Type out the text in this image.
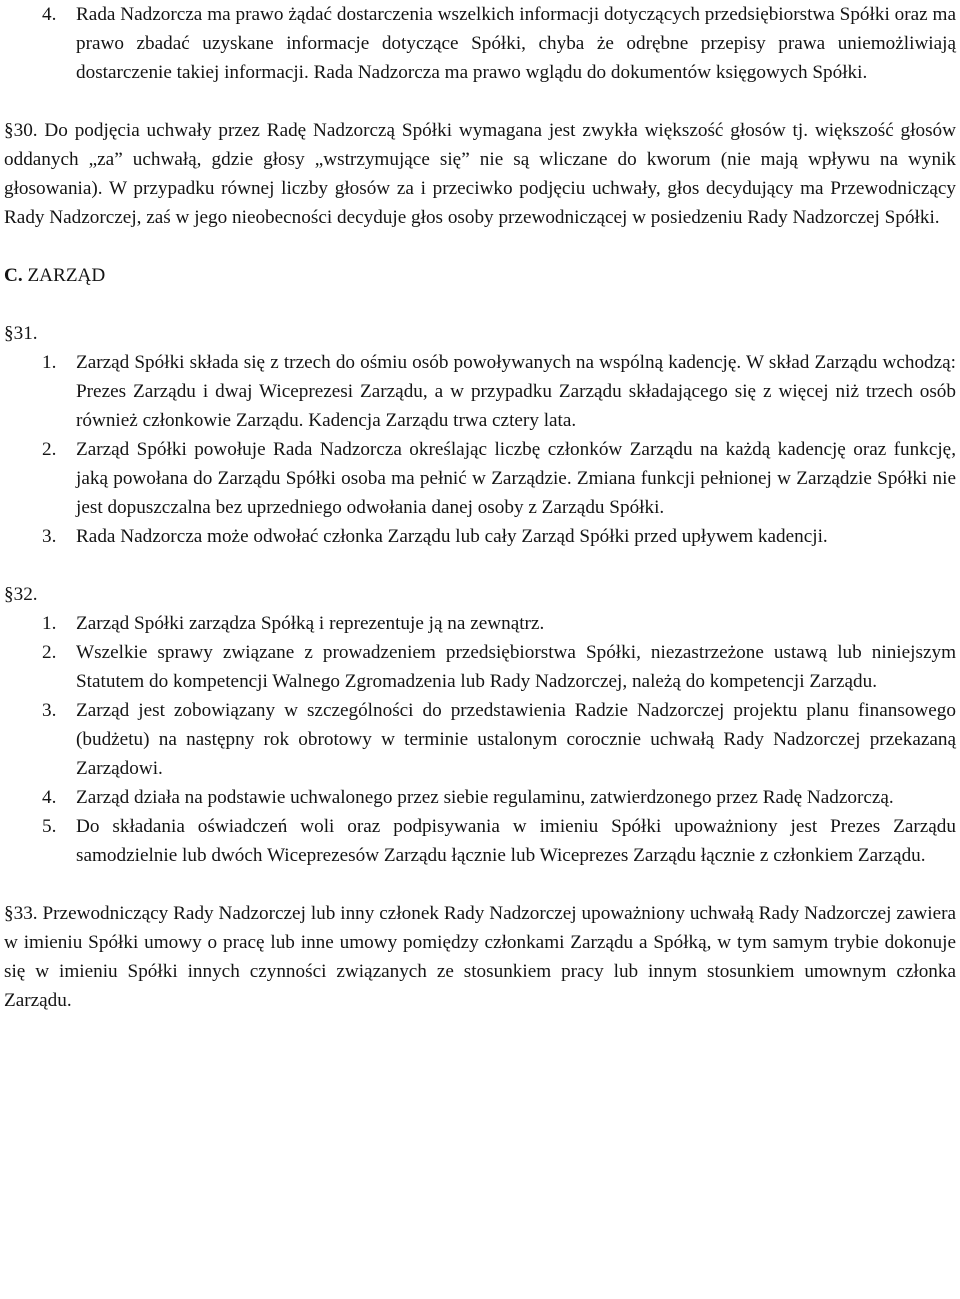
4.	Rada Nadzorcza ma prawo żądać dostarczenia wszelkich informacji dotyczących przedsiębiorstwa Spółki oraz ma prawo zbadać uzyskane informacje dotyczące Spółki, chyba że odrębne przepisy prawa uniemożliwiają dostarczenie takiej informacji. Rada Nadzorcza ma prawo wglądu do dokumentów księgowych Spółki.

§30. Do podjęcia uchwały przez Radę Nadzorczą Spółki wymagana jest zwykła większość głosów tj. większość głosów oddanych „za” uchwałą, gdzie głosy „wstrzymujące się” nie są wliczane do kworum (nie mają wpływu na wynik głosowania). W przypadku równej liczby głosów za i przeciwko podjęciu uchwały, głos decydujący ma Przewodniczący Rady Nadzorczej, zaś w jego nieobecności decyduje głos osoby przewodniczącej w posiedzeniu Rady Nadzorczej Spółki.

C. ZARZĄD

§31.

1.	Zarząd Spółki składa się z trzech do ośmiu osób powoływanych na wspólną kadencję. W skład Zarządu wchodzą: Prezes Zarządu i dwaj Wiceprezesi Zarządu, a w przypadku Zarządu składającego się z więcej niż trzech osób również członkowie Zarządu. Kadencja Zarządu trwa cztery lata.
2.	Zarząd Spółki powołuje Rada Nadzorcza określając liczbę członków Zarządu na każdą kadencję oraz funkcję, jaką powołana do Zarządu Spółki osoba ma pełnić w Zarządzie. Zmiana funkcji pełnionej w Zarządzie Spółki nie jest dopuszczalna bez uprzedniego odwołania danej osoby z Zarządu Spółki.
3.	Rada Nadzorcza może odwołać członka Zarządu lub cały Zarząd Spółki przed upływem kadencji.

§32.

1.	Zarząd Spółki zarządza Spółką i reprezentuje ją na zewnątrz.
2.	Wszelkie sprawy związane z prowadzeniem przedsiębiorstwa Spółki, niezastrzeżone ustawą lub niniejszym Statutem do kompetencji Walnego Zgromadzenia lub Rady Nadzorczej, należą do kompetencji Zarządu.
3.	Zarząd jest zobowiązany w szczególności do przedstawienia Radzie Nadzorczej projektu planu finansowego (budżetu) na następny rok obrotowy w terminie ustalonym corocznie uchwałą Rady Nadzorczej przekazaną Zarządowi.
4.	Zarząd działa na podstawie uchwalonego przez siebie regulaminu, zatwierdzonego przez Radę Nadzorczą.
5.	Do składania oświadczeń woli oraz podpisywania w imieniu Spółki upoważniony jest Prezes Zarządu samodzielnie lub dwóch Wiceprezesów Zarządu łącznie lub Wiceprezes Zarządu łącznie z członkiem Zarządu.

§33. Przewodniczący Rady Nadzorczej lub inny członek Rady Nadzorczej upoważniony uchwałą Rady Nadzorczej zawiera w imieniu Spółki umowy o pracę lub inne umowy pomiędzy członkami Zarządu a Spółką, w tym samym trybie dokonuje się w imieniu Spółki innych czynności związanych ze stosunkiem pracy lub innym stosunkiem umownym członka Zarządu.
